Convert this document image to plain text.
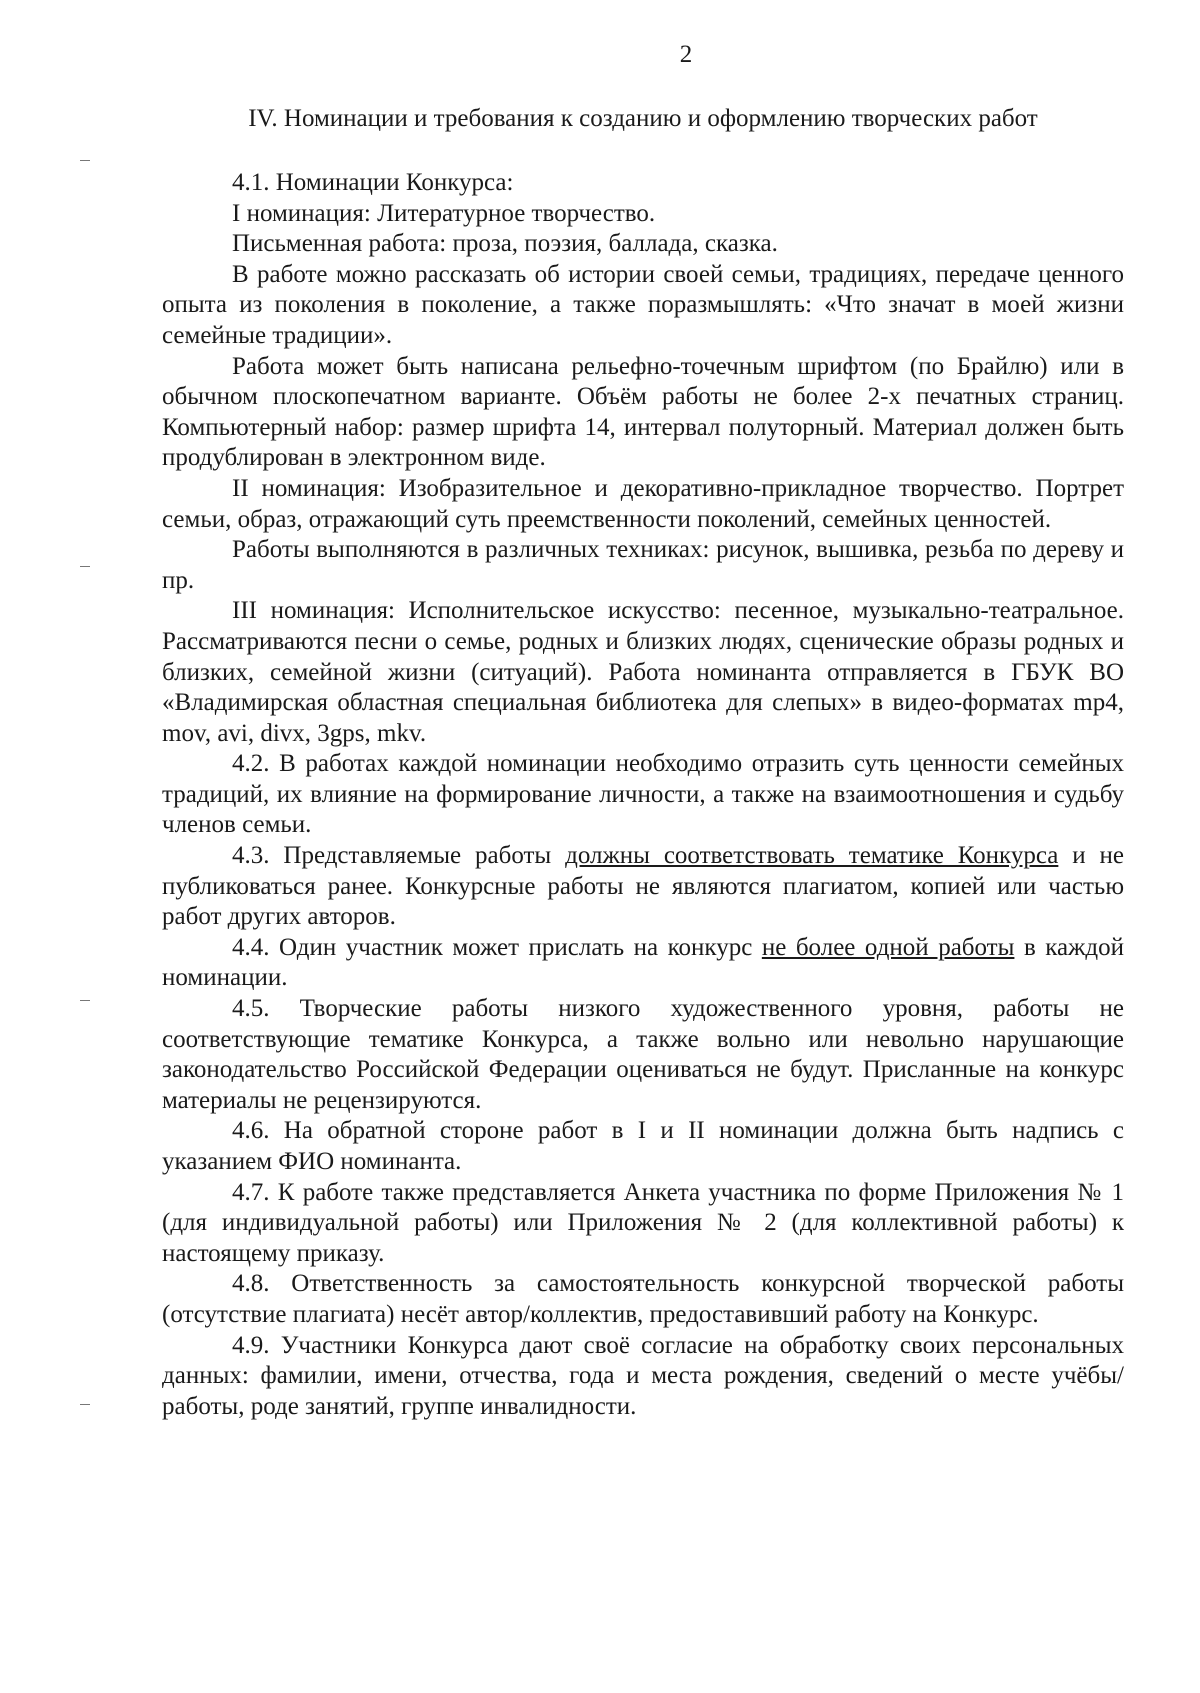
2
IV. Номинации и требования к созданию и оформлению творческих работ

4.1. Номинации Конкурса:

I номинация: Литературное творчество.

Письменная работа: проза, поэзия, баллада, сказка.

В работе можно рассказать об истории своей семьи, традициях, передаче ценного опыта из поколения в поколение, а также поразмышлять: «Что значат в моей жизни семейные традиции».

Работа может быть написана рельефно-точечным шрифтом (по Брайлю) или в обычном плоскопечатном варианте. Объём работы не более 2-х печатных страниц. Компьютерный набор: размер шрифта 14, интервал полуторный. Материал должен быть продублирован в электронном виде.

II номинация: Изобразительное и декоративно-прикладное творчество. Портрет семьи, образ, отражающий суть преемственности поколений, семейных ценностей.

Работы выполняются в различных техниках: рисунок, вышивка, резьба по дереву и пр.

III номинация: Исполнительское искусство: песенное, музыкально-театральное. Рассматриваются песни о семье, родных и близких людях, сценические образы родных и близких, семейной жизни (ситуаций). Работа номинанта отправляется в ГБУК ВО «Владимирская областная специальная библиотека для слепых» в видео-форматах mp4, mov, avi, divx, 3gps, mkv.

4.2. В работах каждой номинации необходимо отразить суть ценности семейных традиций, их влияние на формирование личности, а также на взаимоотношения и судьбу членов семьи.

4.3. Представляемые работы должны соответствовать тематике Конкурса и не публиковаться ранее. Конкурсные работы не являются плагиатом, копией или частью работ других авторов.

4.4. Один участник может прислать на конкурс не более одной работы в каждой номинации.

4.5. Творческие работы низкого художественного уровня, работы не соответствующие тематике Конкурса, а также вольно или невольно нарушающие законодательство Российской Федерации оцениваться не будут. Присланные на конкурс материалы не рецензируются.

4.6. На обратной стороне работ в I и II номинации должна быть надпись с указанием ФИО номинанта.

4.7. К работе также представляется Анкета участника по форме Приложения № 1 (для индивидуальной работы) или Приложения № 2 (для коллективной работы) к настоящему приказу.

4.8. Ответственность за самостоятельность конкурсной творческой работы (отсутствие плагиата) несёт автор/коллектив, предоставивший работу на Конкурс.

4.9. Участники Конкурса дают своё согласие на обработку своих персональных данных: фамилии, имени, отчества, года и места рождения, сведений о месте учёбы/работы, роде занятий, группе инвалидности.
